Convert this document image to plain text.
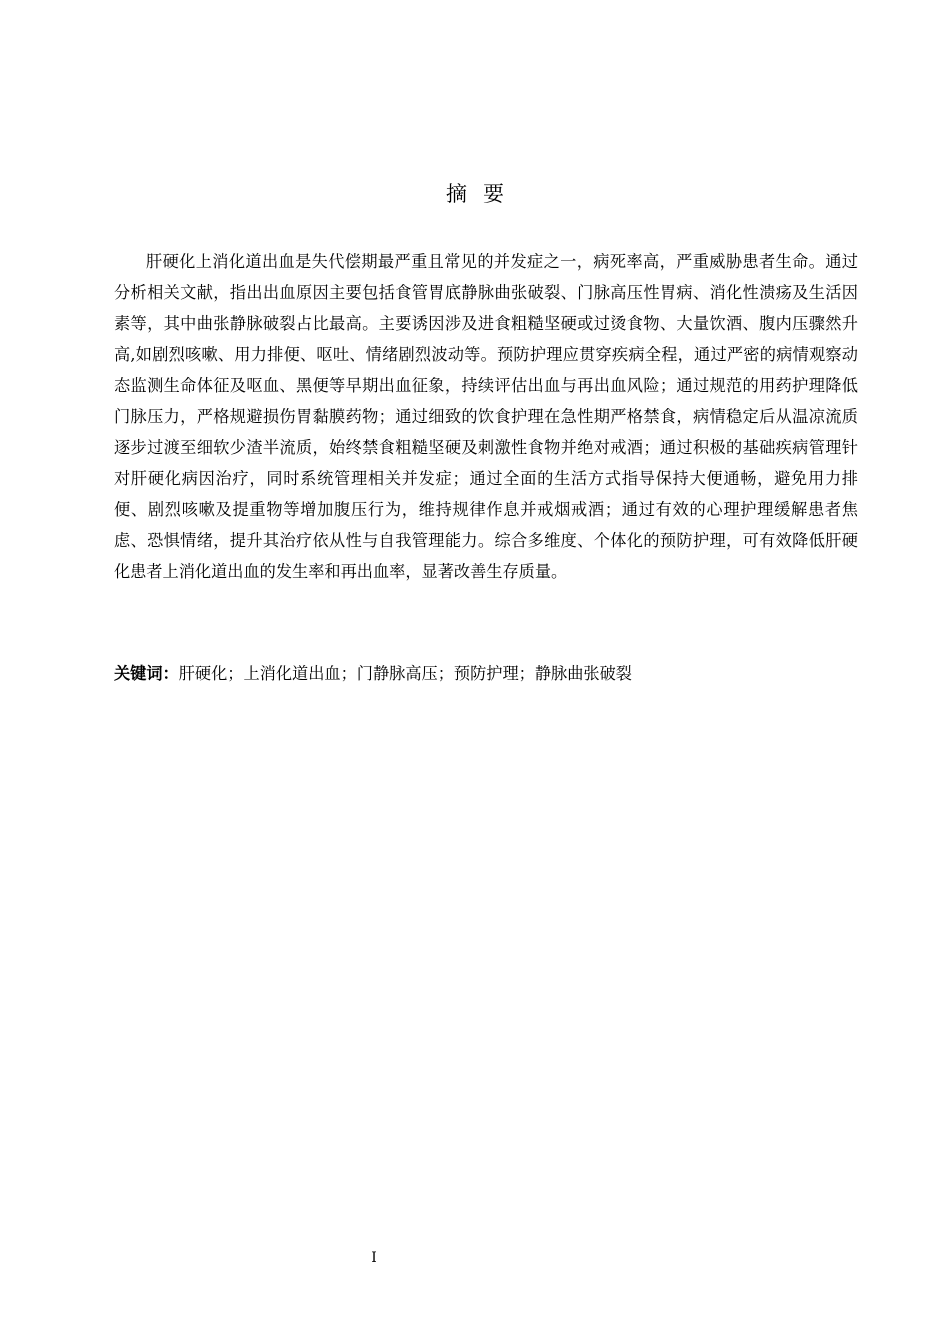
摘要

肝硬化上消化道出血是失代偿期最严重且常见的并发症之一，病死率高，严重威胁患者生命。通过分析相关文献，指出出血原因主要包括食管胃底静脉曲张破裂、门脉高压性胃病、消化性溃疡及生活因素等，其中曲张静脉破裂占比最高。主要诱因涉及进食粗糙坚硬或过烫食物、大量饮酒、腹内压骤然升高,如剧烈咳嗽、用力排便、呕吐、情绪剧烈波动等。预防护理应贯穿疾病全程，通过严密的病情观察动态监测生命体征及呕血、黑便等早期出血征象，持续评估出血与再出血风险；通过规范的用药护理降低门脉压力，严格规避损伤胃黏膜药物；通过细致的饮食护理在急性期严格禁食，病情稳定后从温凉流质逐步过渡至细软少渣半流质，始终禁食粗糙坚硬及刺激性食物并绝对戒酒；通过积极的基础疾病管理针对肝硬化病因治疗，同时系统管理相关并发症；通过全面的生活方式指导保持大便通畅，避免用力排便、剧烈咳嗽及提重物等增加腹压行为，维持规律作息并戒烟戒酒；通过有效的心理护理缓解患者焦虑、恐惧情绪，提升其治疗依从性与自我管理能力。综合多维度、个体化的预防护理，可有效降低肝硬化患者上消化道出血的发生率和再出血率，显著改善生存质量。

关键词：肝硬化；上消化道出血；门静脉高压；预防护理；静脉曲张破裂

I
